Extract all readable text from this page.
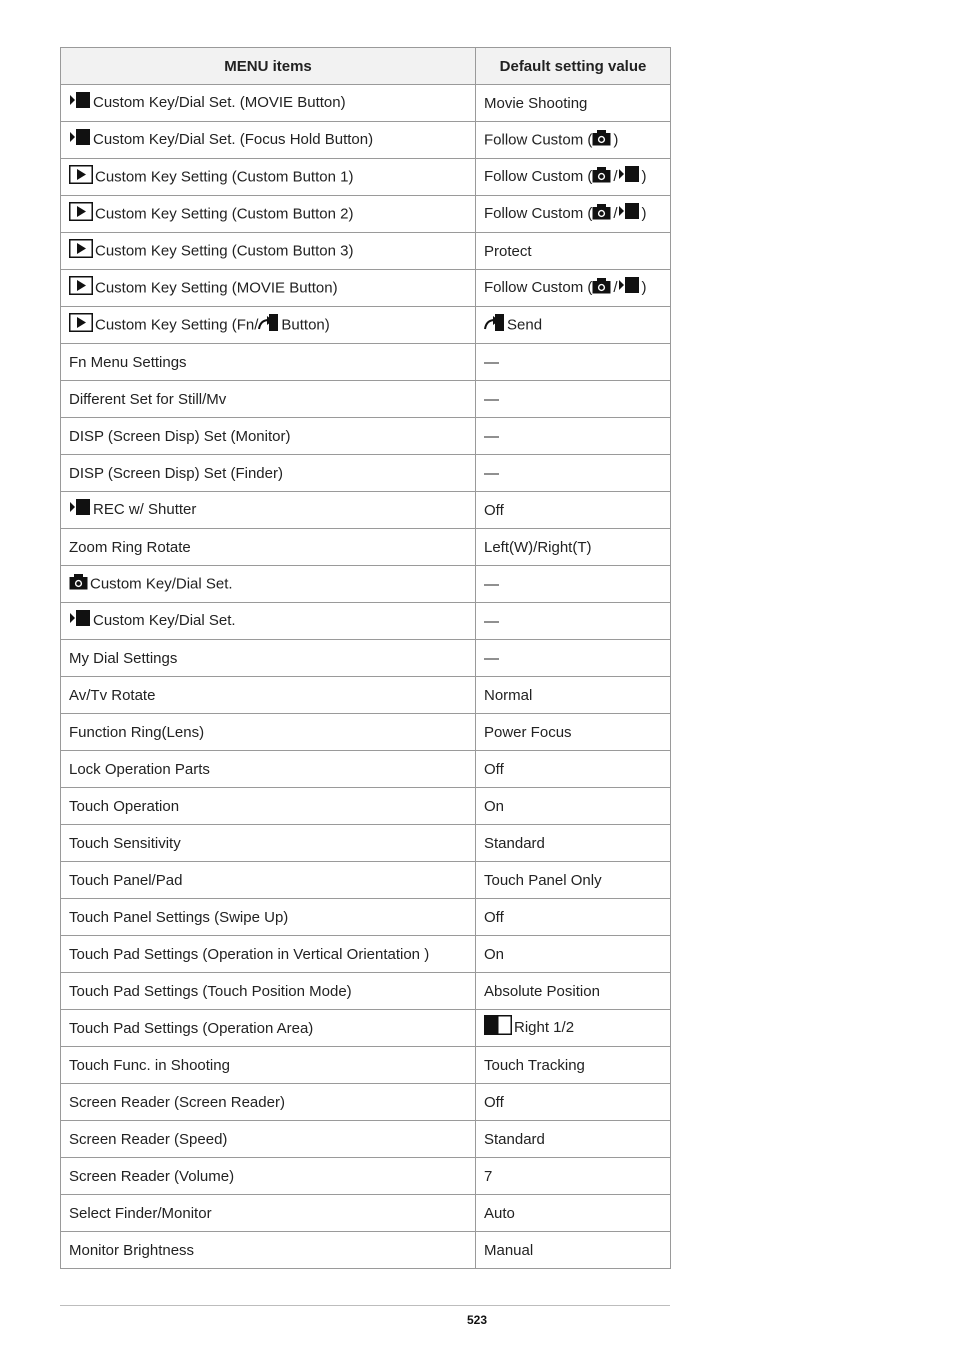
MENU items	Default setting value
Custom Key/Dial Set. (MOVIE Button)	Movie Shooting
Custom Key/Dial Set. (Focus Hold Button)	Follow Custom ( )
Custom Key Setting (Custom Button 1)	Follow Custom ( / )
Custom Key Setting (Custom Button 2)	Follow Custom ( / )
Custom Key Setting (Custom Button 3)	Protect
Custom Key Setting (MOVIE Button)	Follow Custom ( / )
Custom Key Setting (Fn/ Button)	Send
Fn Menu Settings	—
Different Set for Still/Mv	—
DISP (Screen Disp) Set (Monitor)	—
DISP (Screen Disp) Set (Finder)	—
REC w/ Shutter	Off
Zoom Ring Rotate	Left(W)/Right(T)
Custom Key/Dial Set.	—
Custom Key/Dial Set.	—
My Dial Settings	—
Av/Tv Rotate	Normal
Function Ring(Lens)	Power Focus
Lock Operation Parts	Off
Touch Operation	On
Touch Sensitivity	Standard
Touch Panel/Pad	Touch Panel Only
Touch Panel Settings (Swipe Up)	Off
Touch Pad Settings (Operation in Vertical Orientation )	On
Touch Pad Settings (Touch Position Mode)	Absolute Position
Touch Pad Settings (Operation Area)	Right 1/2
Touch Func. in Shooting	Touch Tracking
Screen Reader (Screen Reader)	Off
Screen Reader (Speed)	Standard
Screen Reader (Volume)	7
Select Finder/Monitor	Auto
Monitor Brightness	Manual
523
